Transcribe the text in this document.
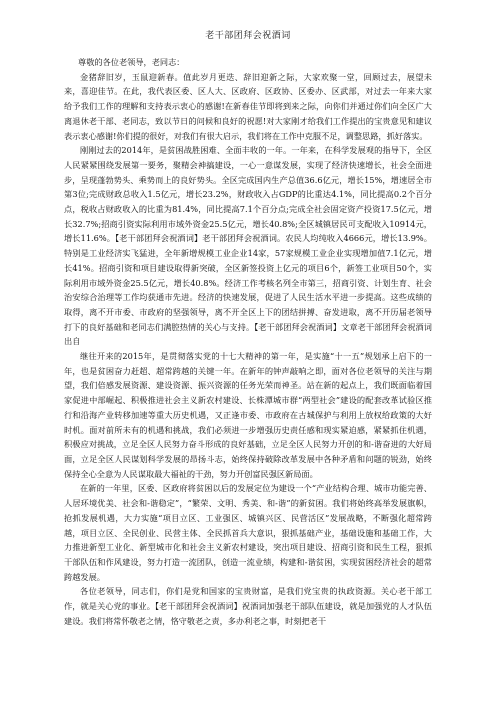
老干部团拜会祝酒词

尊敬的各位老领导，老同志：

金猪辞旧岁，玉鼠迎新春。值此岁月更迭、辞旧迎新之际，大家欢聚一堂，回顾过去，展望未来，喜迎佳节。在此，我代表区委、区人大、区政府、区政协、区委办、区武部，对过去一年来大家给予我们工作的理解和支持表示衷心的感谢!在新春佳节即将到来之际，向你们并通过你们向全区广大离退休老干部、老同志，致以节日的问候和良好的祝愿!对大家刚才给我们工作提出的宝贵意见和建议表示衷心感谢!你们提的很好，对我们有很大启示，我们将在工作中克服不足，调整思路，抓好落实。

刚刚过去的2014年，是贫困战胜困难、全面丰收的一年。一年来，在科学发展观的指导下，全区人民紧紧围绕发展第一要务，聚精会神搞建设，一心一意谋发展，实现了经济快速增长，社会全面进步，呈现蓬勃势头、乘势而上的良好势头。全区完成国内生产总值36.6亿元，增长15%，增速居全市第3位;完成财政总收入1.5亿元，增长23.2%，财政收入占GDP的比重达4.1%，同比提高0.2个百分点，税收占财政收入的比重为81.4%，同比提高7.1个百分点;完成全社会固定资产投资17.5亿元，增长32.7%;招商引资实际利用市域外资金25.5亿元，增长40.8%;全区城镇居民可支配收入10914元，增长11.6%。【老干部团拜会祝酒词】老干部团拜会祝酒词。农民人均纯收入4666元，增长13.9%。特别是工业经济实飞猛进，全年新增规模工业企业14家，57家规模工业企业实现增加值7.1亿元，增长41%。招商引资和项目建设取得新突破，全区新签投资上亿元的项目6个，新签工业项目50个，实际利用市域外资金25.5亿元，增长40.8%。经济工作考核名列全市第三，招商引资、计划生育、社会治安综合治理等工作均获通市先进。经济的快速发展，促进了人民生活水平进一步提高。这些成绩的取得，离不开市委、市政府的坚强领导，离不开全区上下的团结拼搏、奋发进取，离不开历届老领导打下的良好基础和老同志们满腔热情的关心与支持。【老干部团拜会祝酒词】文章老干部团拜会祝酒词出自

继往开来的2015年，是贯彻落实党的十七大精神的第一年，是实施“十一五”规划承上启下的一年，也是贫困奋力赶超、超常跨越的关键一年。在新年的钟声敲响之即，面对各位老领导的关注与期望，我们倍感发展资源、建设资源、振兴资源的任务光荣而神圣。站在新的起点上，我们既面临着国家促进中部崛起、积极推进社会主义新农村建设、长株潭城市群“两型社会”建设的配套改革试验区推行和沿海产业转移加速等重大历史机遇，又正逢市委、市政府在古城保护与利用上放权给政策的大好时机。面对前所未有的机遇和挑战，我们必须进一步增强历史责任感和现实紧迫感，紧紧抓住机遇，积极应对挑战，立足全区人民努力奋斗形成的良好基础，立足全区人民努力开创的和-谐奋进的大好局面，立足全区人民谋划科学发展的昂扬斗志，始终保持破除改革发展中各种矛盾和问题的锐劲，始终保持全心全意为人民谋取最大福祉的干劲，努力开创富民强区新局面。

在新的一年里，区委、区政府将贫困以后的发展定位为建设一个“产业结构合理、城市功能完善、人居环境优美、社会和-谐稳定”，“繁荣、文明、秀美、和-谐”的新贫困。我们将始终高举发展旗帜，抢抓发展机遇，大力实施“项目立区、工业强区、城镇兴区、民营活区”发展战略，不断强化超常跨越，项目立区、全民创业、民营主体、全民抓首兵大意识，狠抓基础产业，基础设施和基础工作，大力推进新型工业化、新型城市化和社会主义新农村建设，突出项目建设、招商引资和民生工程，狠抓干部队伍和作风建设，努力打造一流团队，创造一流业绩，构建和-谐贫困，实现贫困经济社会的超常跨越发展。

各位老领导，同志们，你们是党和国家的宝贵财富，是我们党宝贵的执政资源。关心老干部工作，就是关心党的事业。【老干部团拜会祝酒词】祝酒词加强老干部队伍建设，就是加强党的人才队伍建设。我们将常怀敬老之情，恪守敬老之责，多办利老之事，时刻把老干
